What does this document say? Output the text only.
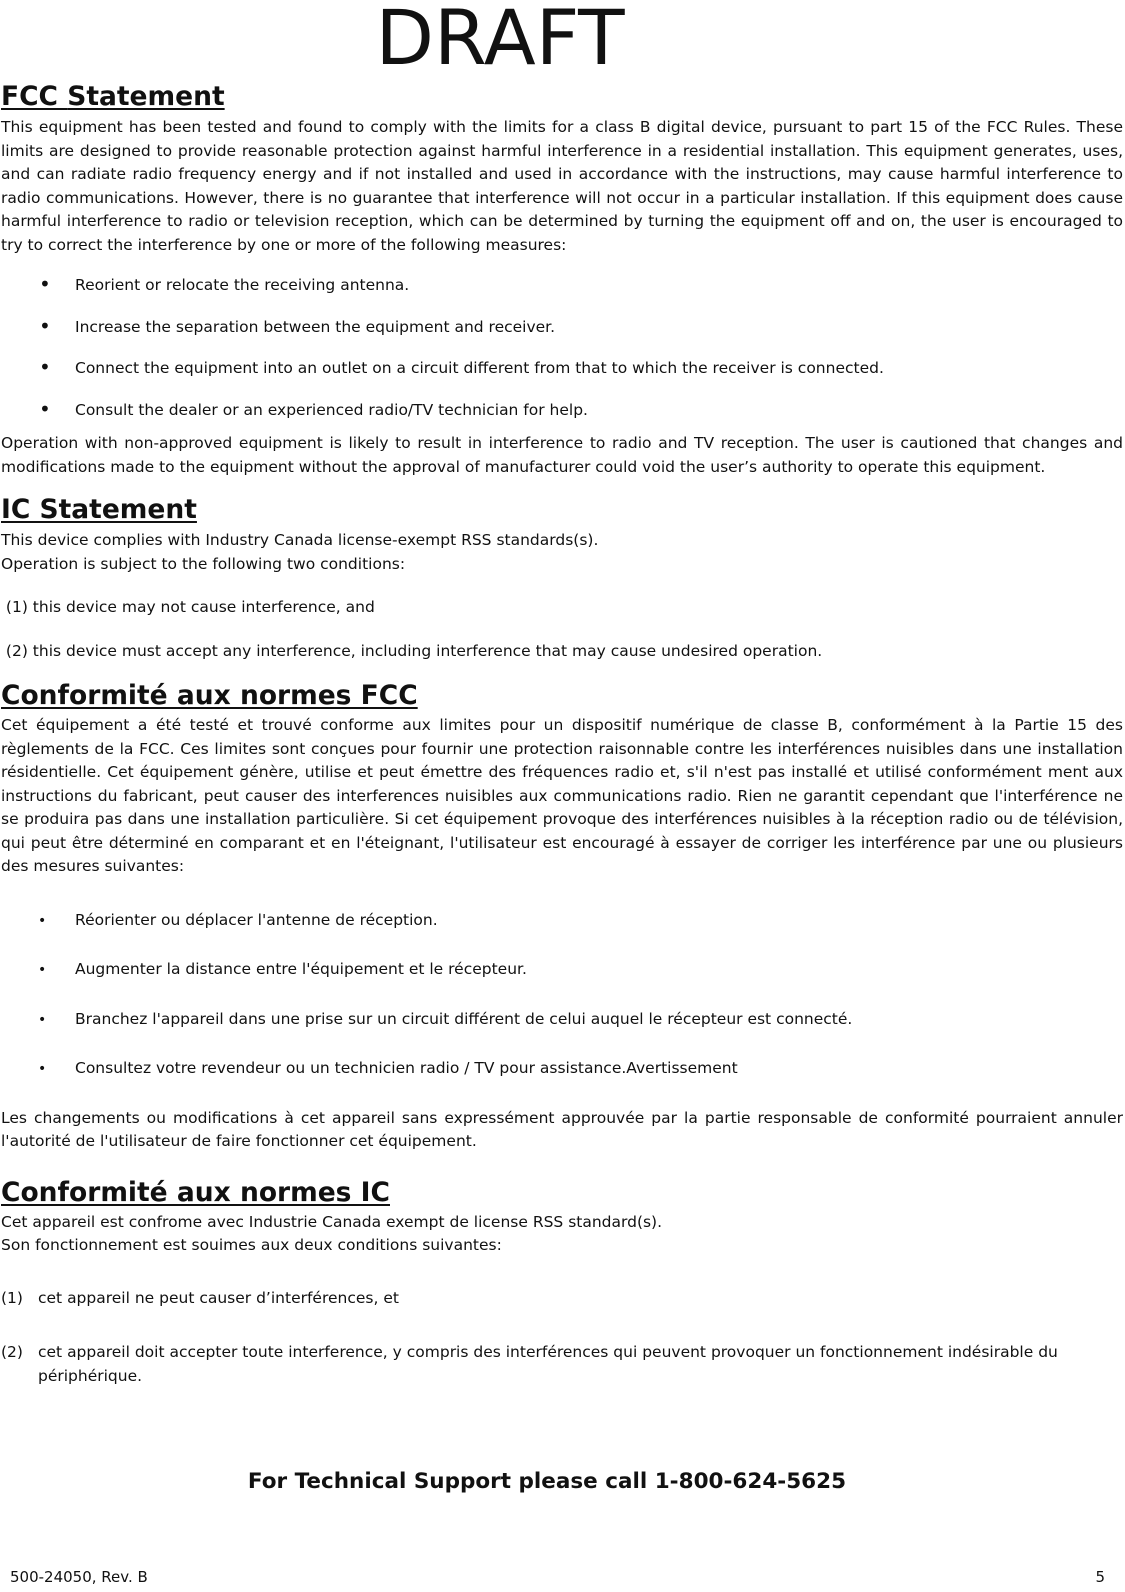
DRAFT
FCC Statement

This equipment has been tested and found to comply with the limits for a class B digital device, pursuant to part 15 of the FCC Rules. These limits are designed to provide reasonable protection against harmful interference in a residential installation. This equipment generates, uses, and can radiate radio frequency energy and if not installed and used in accordance with the instructions, may cause harmful interference to radio communications. However, there is no guarantee that interference will not occur in a particular installation. If this equipment does cause harmful interference to radio or television reception, which can be determined by turning the equipment off and on, the user is encouraged to try to correct the interference by one or more of the following measures:

• Reorient or relocate the receiving antenna.
• Increase the separation between the equipment and receiver.
• Connect the equipment into an outlet on a circuit different from that to which the receiver is connected.
• Consult the dealer or an experienced radio/TV technician for help.

Operation with non-approved equipment is likely to result in interference to radio and TV reception. The user is cautioned that changes and modifications made to the equipment without the approval of manufacturer could void the user’s authority to operate this equipment.

IC Statement

This device complies with Industry Canada license-exempt RSS standards(s).

Operation is subject to the following two conditions:

(1) this device may not cause interference, and

(2) this device must accept any interference, including interference that may cause undesired operation.

Conformité aux normes FCC

Cet équipement a été testé et trouvé conforme aux limites pour un dispositif numérique de classe B, conformément à la Partie 15 des règlements de la FCC. Ces limites sont conçues pour fournir une protection raisonnable contre les interférences nuisibles dans une installation résidentielle. Cet équipement génère, utilise et peut émettre des fréquences radio et, s'il n'est pas installé et utilisé conformément ment aux instructions du fabricant, peut causer des interferences nuisibles aux communications radio. Rien ne garantit cependant que l'interférence ne se produira pas dans une installation particulière. Si cet équipement provoque des interférences nuisibles à la réception radio ou de télévision, qui peut être déterminé en comparant et en l'éteignant, l'utilisateur est encouragé à essayer de corriger les interférence par une ou plusieurs des mesures suivantes:

• Réorienter ou déplacer l'antenne de réception.
• Augmenter la distance entre l'équipement et le récepteur.
• Branchez l'appareil dans une prise sur un circuit différent de celui auquel le récepteur est connecté.
• Consultez votre revendeur ou un technicien radio / TV pour assistance.Avertissement

Les changements ou modifications à cet appareil sans expressément approuvée par la partie responsable de conformité pourraient annuler l'autorité de l'utilisateur de faire fonctionner cet équipement.

Conformité aux normes IC

Cet appareil est confrome avec Industrie Canada exempt de license RSS standard(s).

Son fonctionnement est souimes aux deux conditions suivantes:

(1) cet appareil ne peut causer d’interférences, et
(2) cet appareil doit accepter toute interference, y compris des interférences qui peuvent provoquer un fonctionnement indésirable du périphérique.
For Technical Support please call 1-800-624-5625
500-24050, Rev. B	5
